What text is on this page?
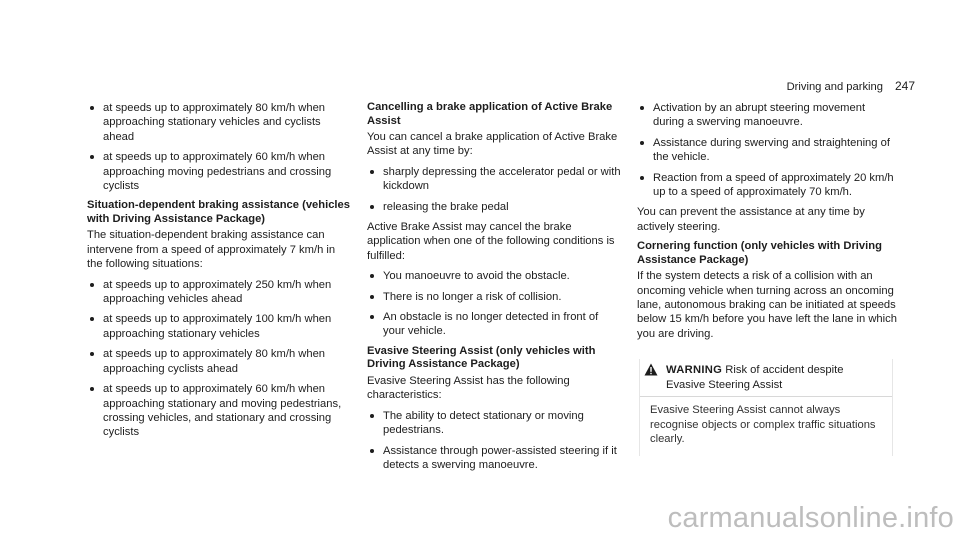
Driving and parking 247
at speeds up to approximately 80 km/h when approaching stationary vehicles and cyclists ahead
at speeds up to approximately 60 km/h when approaching moving pedestrians and crossing cyclists
Situation-dependent braking assistance (vehicles with Driving Assistance Package)

The situation-dependent braking assistance can intervene from a speed of approximately 7 km/h in the following situations:

at speeds up to approximately 250 km/h when approaching vehicles ahead
at speeds up to approximately 100 km/h when approaching stationary vehicles
at speeds up to approximately 80 km/h when approaching cyclists ahead
at speeds up to approximately 60 km/h when approaching stationary and moving pedestrians, crossing vehicles, and stationary and crossing cyclists
Cancelling a brake application of Active Brake Assist

You can cancel a brake application of Active Brake Assist at any time by:

sharply depressing the accelerator pedal or with kickdown
releasing the brake pedal

Active Brake Assist may cancel the brake application when one of the following conditions is fulfilled:

You manoeuvre to avoid the obstacle.
There is no longer a risk of collision.
An obstacle is no longer detected in front of your vehicle.
Evasive Steering Assist (only vehicles with Driving Assistance Package)

Evasive Steering Assist has the following characteristics:

The ability to detect stationary or moving pedestrians.
Assistance through power-assisted steering if it detects a swerving manoeuvre.
Activation by an abrupt steering movement during a swerving manoeuvre.
Assistance during swerving and straightening of the vehicle.
Reaction from a speed of approximately 20 km/h up to a speed of approximately 70 km/h.

You can prevent the assistance at any time by actively steering.

Cornering function (only vehicles with Driving Assistance Package)

If the system detects a risk of a collision with an oncoming vehicle when turning across an oncoming lane, autonomous braking can be initiated at speeds below 15 km/h before you have left the lane in which you are driving.

WARNING Risk of accident despite Evasive Steering Assist
Evasive Steering Assist cannot always recognise objects or complex traffic situations clearly.
carmanualsonline.info
